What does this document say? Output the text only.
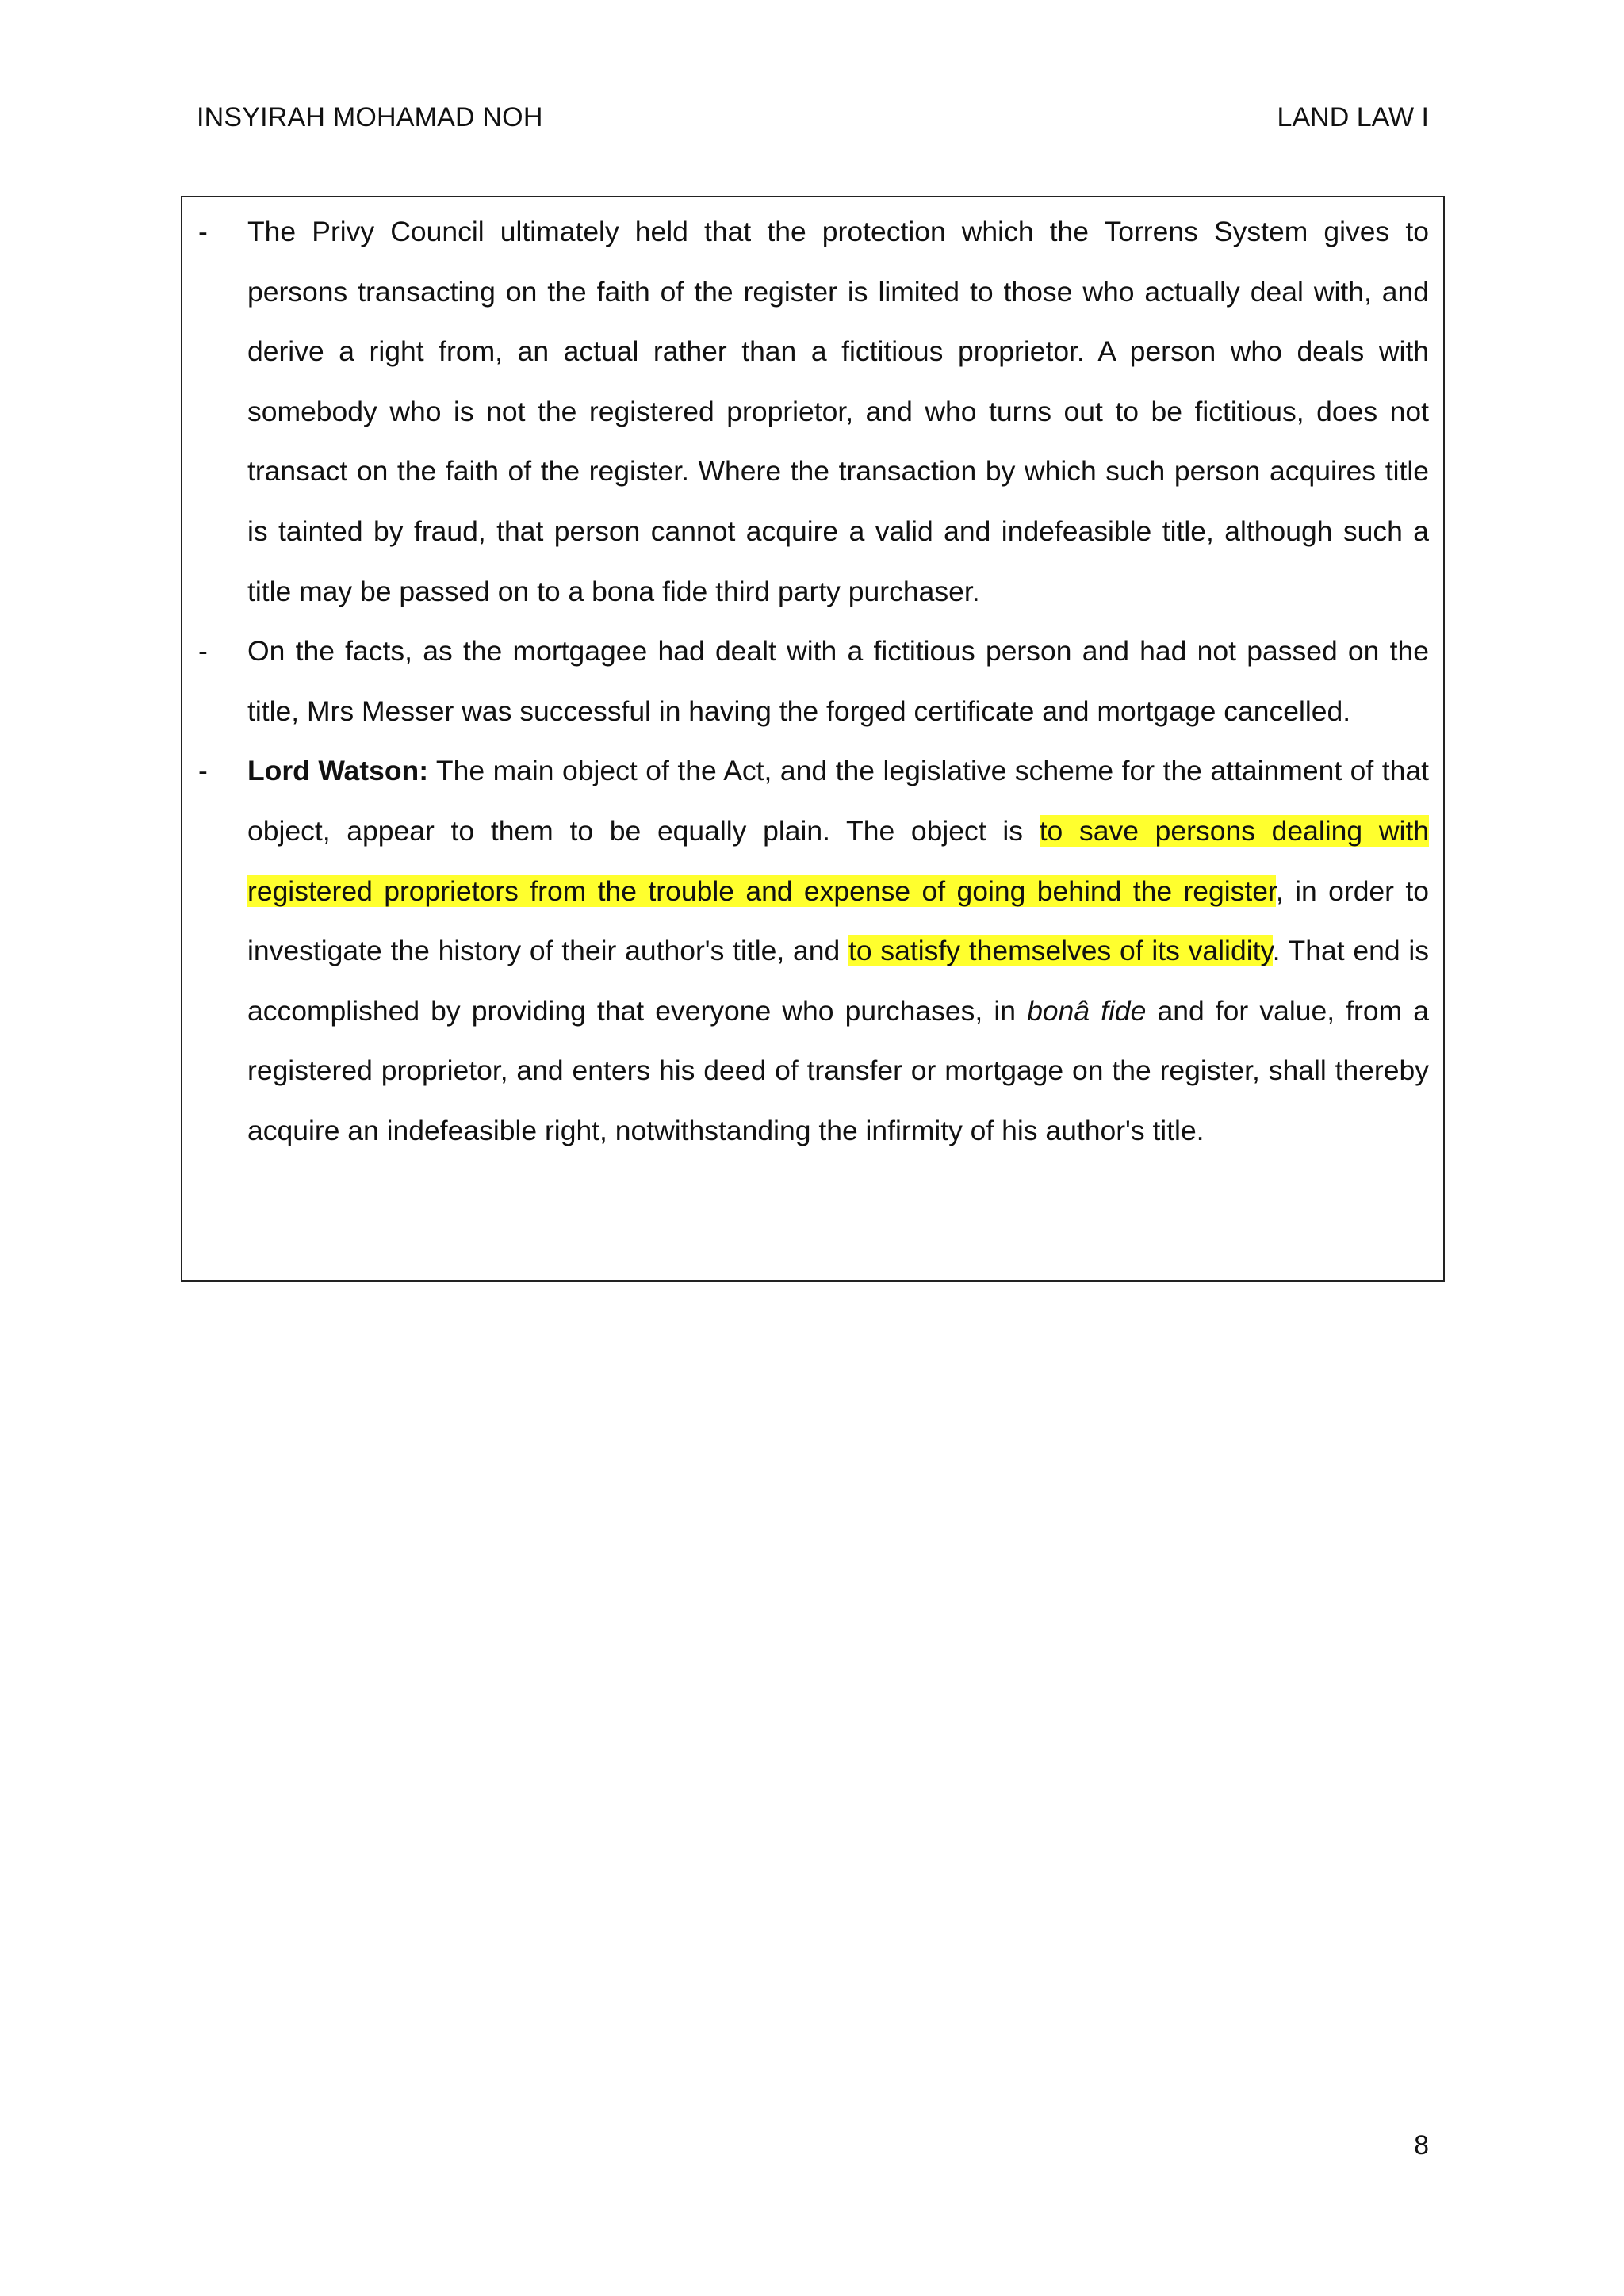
INSYIRAH MOHAMAD NOH	LAND LAW I
-	The Privy Council ultimately held that the protection which the Torrens System gives to persons transacting on the faith of the register is limited to those who actually deal with, and derive a right from, an actual rather than a fictitious proprietor. A person who deals with somebody who is not the registered proprietor, and who turns out to be fictitious, does not transact on the faith of the register. Where the transaction by which such person acquires title is tainted by fraud, that person cannot acquire a valid and indefeasible title, although such a title may be passed on to a bona fide third party purchaser.
-	On the facts, as the mortgagee had dealt with a fictitious person and had not passed on the title, Mrs Messer was successful in having the forged certificate and mortgage cancelled.
-	Lord Watson: The main object of the Act, and the legislative scheme for the attainment of that object, appear to them to be equally plain. The object is to save persons dealing with registered proprietors from the trouble and expense of going behind the register, in order to investigate the history of their author's title, and to satisfy themselves of its validity. That end is accomplished by providing that everyone who purchases, in bonâ fide and for value, from a registered proprietor, and enters his deed of transfer or mortgage on the register, shall thereby acquire an indefeasible right, notwithstanding the infirmity of his author's title.
8
